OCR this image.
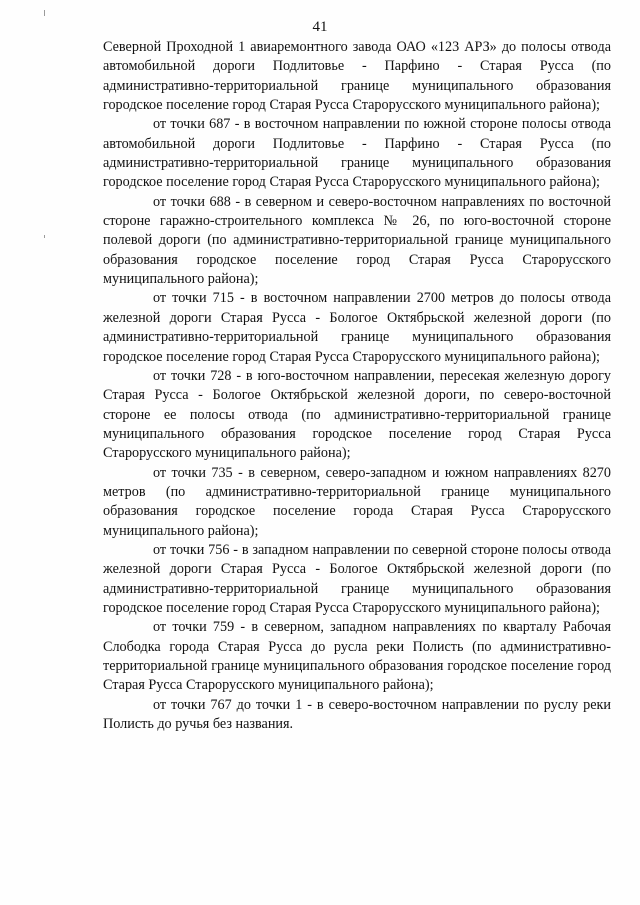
41

Северной Проходной 1 авиаремонтного завода ОАО «123 АРЗ» до полосы отвода автомобильной дороги Подлитовье - Парфино - Старая Русса (по административно-территориальной границе муниципального образования городское поселение город Старая Русса Старорусского муниципального района);

от точки 687 - в восточном направлении по южной стороне полосы отвода автомобильной дороги Подлитовье - Парфино - Старая Русса (по административно-территориальной границе муниципального образования городское поселение город Старая Русса Старорусского муниципального района);

от точки 688 - в северном и северо-восточном направлениях по восточной стороне гаражно-строительного комплекса № 26, по юго-восточной стороне полевой дороги (по административно-территориальной границе муниципального образования городское поселение город Старая Русса Старорусского муниципального района);

от точки 715 - в восточном направлении 2700 метров до полосы отвода железной дороги Старая Русса - Бологое Октябрьской железной дороги (по административно-территориальной границе муниципального образования городское поселение город Старая Русса Старорусского муниципального района);

от точки 728 - в юго-восточном направлении, пересекая железную дорогу Старая Русса - Бологое Октябрьской железной дороги, по северо-восточной стороне ее полосы отвода (по административно-территориальной границе муниципального образования городское поселение город Старая Русса Старорусского муниципального района);

от точки 735 - в северном, северо-западном и южном направлениях 8270 метров (по административно-территориальной границе муниципального образования городское поселение города Старая Русса Старорусского муниципального района);

от точки 756 - в западном направлении по северной стороне полосы отвода железной дороги Старая Русса - Бологое Октябрьской железной дороги (по административно-территориальной границе муниципального образования городское поселение город Старая Русса Старорусского муниципального района);

от точки 759 - в северном, западном направлениях по кварталу Рабочая Слободка города Старая Русса до русла реки Полисть (по административно-территориальной границе муниципального образования городское поселение город Старая Русса Старорусского муниципального района);

от точки 767 до точки 1 - в северо-восточном направлении по руслу реки Полисть до ручья без названия.
